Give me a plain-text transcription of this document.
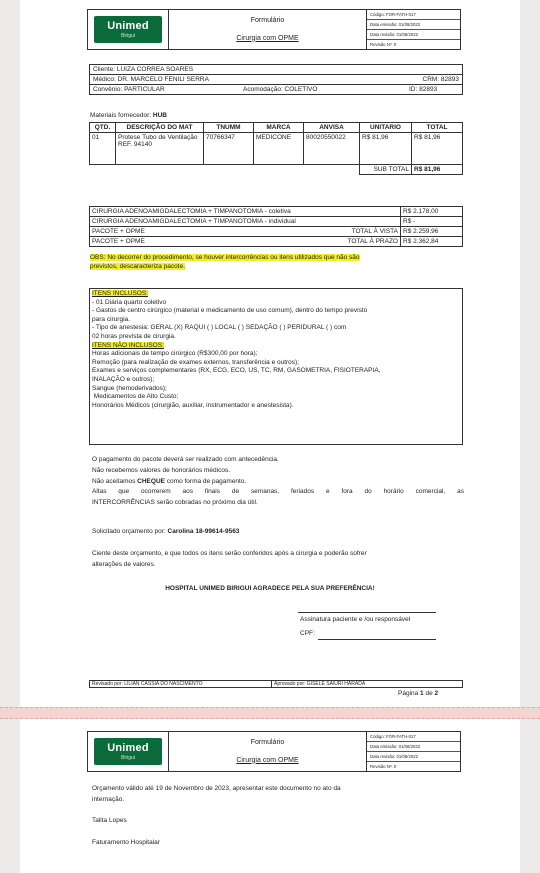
Unimed
Birigui
Formulário
Cirurgia com OPME
Código: FOR-FATH-017
Data emissão: 01/08/2022
Data revisão: 01/08/2022
Revisão Nº: 0
Cliente: LUIZA CORREA SOARES
Médico: DR. MARCELO FENILI SERRA	CRM: 82893
Convênio: PARTICULAR	Acomodação: COLETIVO	ID: 82893
Materiais fornecedor: HUB
QTD.	DESCRIÇÃO DO MAT	TNUMM	MARCA	ANVISA	UNITARIO	TOTAL
01	Protese Tubo de Ventilação REF. 94140	70766347	MEDICONE	80020550022	R$ 81,96	R$ 81,96
					SUB TOTAL	R$ 81,96
CIRURGIA ADENOAMIGDALECTOMIA + TIMPANOTOMIA - coletiva		R$ 2.178,00
CIRURGIA ADENOAMIGDALECTOMIA + TIMPANOTOMIA - individual		R$ -
PACOTE + OPME	TOTAL À VISTA	R$ 2.259,96
PACOTE + OPME	TOTAL À PRAZO	R$ 2.362,84
OBS: No decorrer do procedimento, se houver intercorrências ou itens utilizados que não são
previstos, descaracteriza pacote.
ITENS INCLUSOS:
- 01 Diária quarto coletivo
- Gastos de centro cirúrgico (material e medicamento de uso comum), dentro do tempo previsto
para cirurgia.
- Tipo de anestesia: GERAL (X) RAQUI ( ) LOCAL ( ) SEDAÇÃO ( ) PERIDURAL ( ) com
02 horas prevista de cirurgia.
ITENS NÃO INCLUSOS:
Horas adicionais de tempo cirúrgico (R$300,00 por hora);
Remoção (para realização de exames externos, transferência e outros);
Exames e serviços complementares (RX, ECG, ECO, US, TC, RM, GASOMETRIA, FISIOTERAPIA,
INALAÇÃO e outros);
Sangue (hemoderivados);
Medicamentos de Alto Custo;
Honorários Médicos (cirurgião, auxiliar, instrumentador e anestesista).
O pagamento do pacote deverá ser realizado com antecedência.
Não recebemos valores de honorários médicos.
Não aceitamos CHEQUE como forma de pagamento.
Altas que ocorrerem aos finais de semanas, feriados e fora do horário comercial, as
INTERCORRÊNCIAS serão cobradas no próximo dia útil.
Solicitado orçamento por: Carolina 18-99614-9563
Ciente deste orçamento, e que todos os itens serão conferidos após a cirurgia e poderão sofrer
alterações de valores.
HOSPITAL UNIMED BIRIGUI AGRADECE PELA SUA PREFERÊNCIA!
Assinatura paciente e /ou responsável
CPF:
Revisado por: LILIAN CÁSSIA DO NASCIMENTO	Aprovado por: GISELE SAIURI HARADA
Página 1 de 2
Unimed
Birigui
Formulário
Cirurgia com OPME
Código: FOR-FATH-017
Data emissão: 01/08/2022
Data revisão: 01/08/2022
Revisão Nº: 0
Orçamento válido até 19 de Novembro de 2023, apresentar este documento no ato da
internação.
Talita Lopes
Faturamento Hospitalar
